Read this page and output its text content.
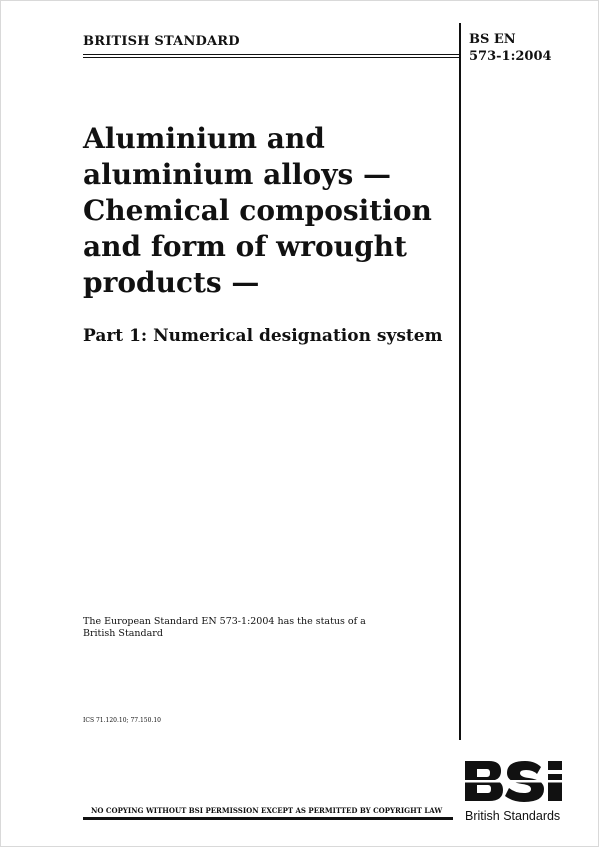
BRITISH STANDARD	BS EN
573-1:2004
Aluminium and
aluminium alloys —
Chemical composition
and form of wrought
products —
Part 1: Numerical designation system
The European Standard EN 573-1:2004 has the status of a
British Standard
ICS 71.120.10; 77.150.10
NO COPYING WITHOUT BSI PERMISSION EXCEPT AS PERMITTED BY COPYRIGHT LAW British Standards
